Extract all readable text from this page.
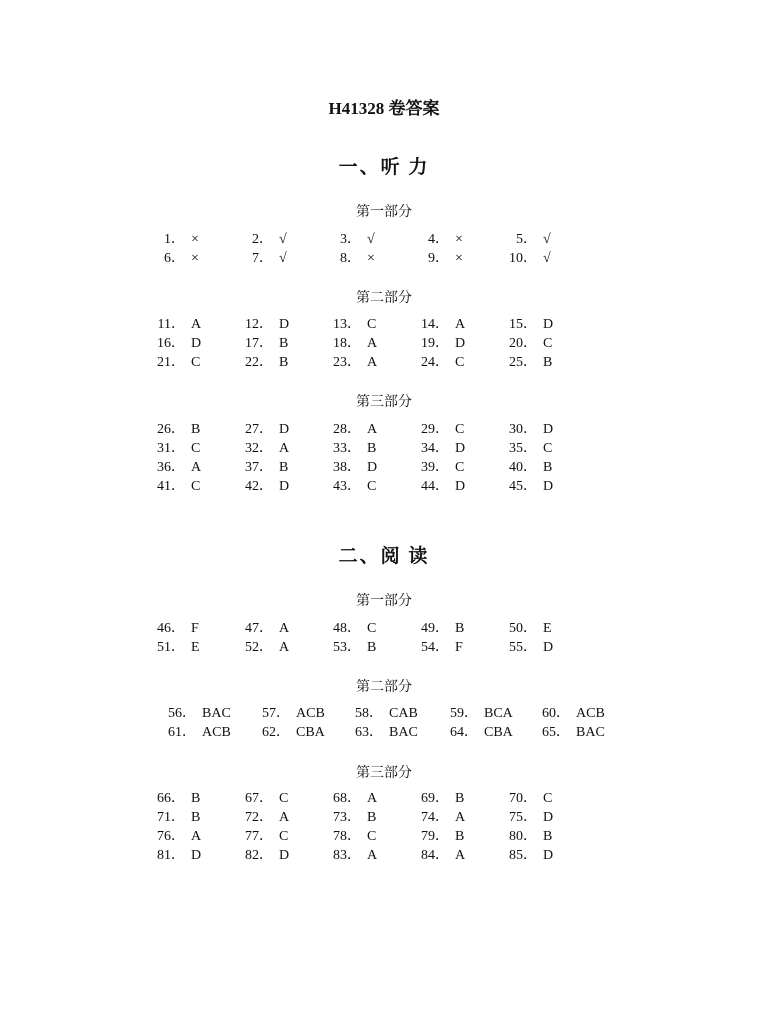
H41328 卷答案
一、听 力
第一部分
1． ×	2． √	3． √	4． ×	5． √
6． ×	7． √	8． ×	9． ×	10． √
第二部分
11． A	12． D	13． C	14． A	15． D
16． D	17． B	18． A	19． D	20． C
21． C	22． B	23． A	24． C	25． B
第三部分
26． B	27． D	28． A	29． C	30． D
31． C	32． A	33． B	34． D	35． C
36． A	37． B	38． D	39． C	40． B
41． C	42． D	43． C	44． D	45． D
二、阅 读
第一部分
46． F	47． A	48． C	49． B	50． E
51． E	52． A	53． B	54． F	55． D
第二部分
56． BAC	57． ACB	58． CAB	59． BCA	60． ACB
61． ACB	62． CBA	63． BAC	64． CBA	65． BAC
第三部分
66． B	67． C	68． A	69． B	70． C
71． B	72． A	73． B	74． A	75． D
76． A	77． C	78． C	79． B	80． B
81． D	82． D	83． A	84． A	85． D
